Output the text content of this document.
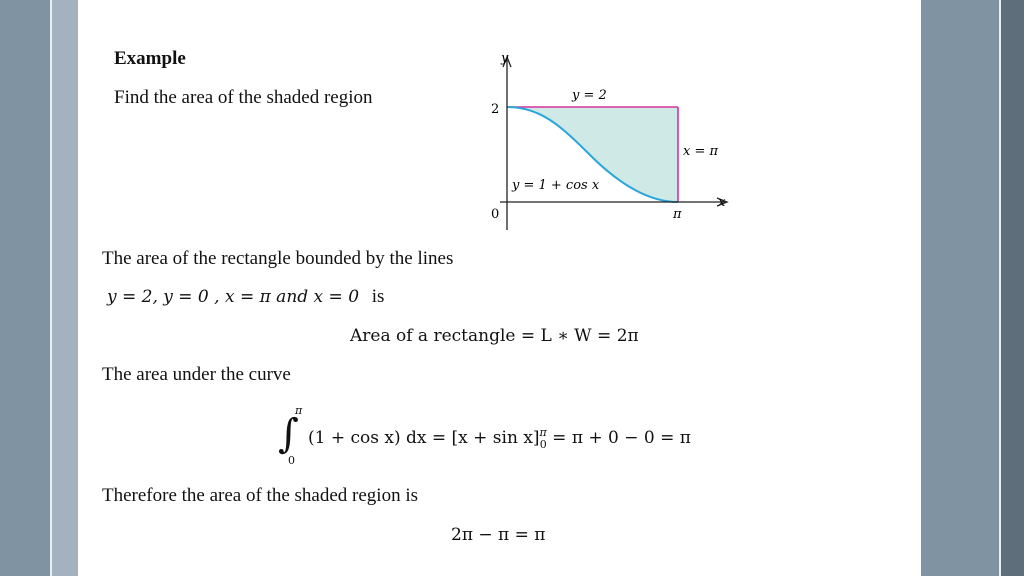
Example
Find the area of the shaded region
y
x
2
0	π
y = 2
x = π
y = 1 + cos x
The area of the rectangle bounded by the lines
y = 2, y = 0 , x = π and x = 0 is
Area of a rectangle = L ∗ W = 2π
The area under the curve
∫
π
0
(1 + cos x) dx = $[x + \sin x]^\pi_0 = \pi + 0 - 0 = \pi$
Therefore the area of the shaded region is
2π − π = π
